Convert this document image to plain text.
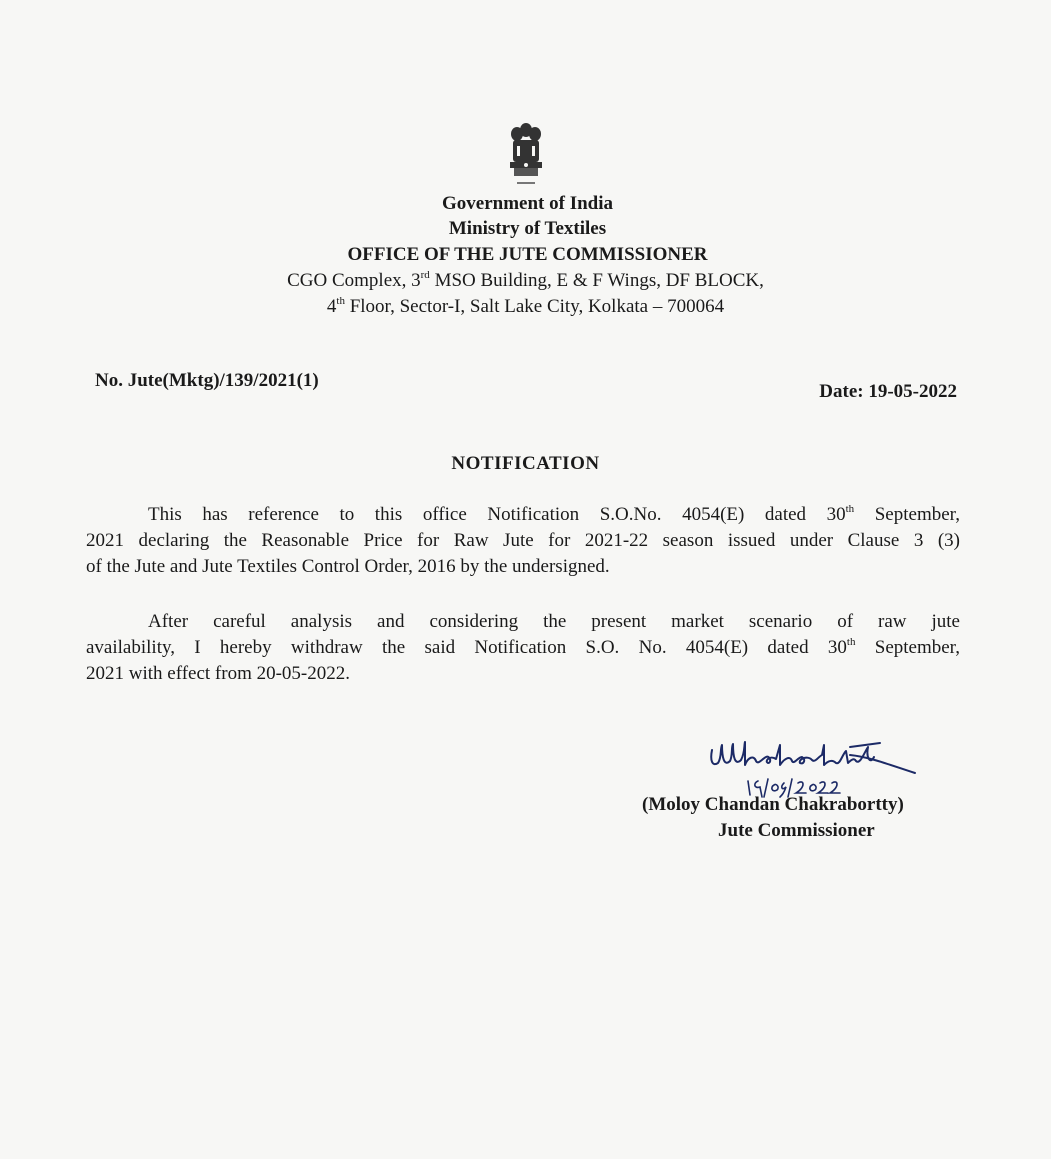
Government of India
Ministry of Textiles
OFFICE OF THE JUTE COMMISSIONER
CGO Complex, 3rd MSO Building, E & F Wings, DF BLOCK,
4th Floor, Sector-I, Salt Lake City, Kolkata – 700064
No. Jute(Mktg)/139/2021(1)
Date: 19-05-2022
NOTIFICATION
This has reference to this office Notification S.O.No. 4054(E) dated 30th September,
2021 declaring the Reasonable Price for Raw Jute for 2021-22 season issued under Clause 3 (3)
of the Jute and Jute Textiles Control Order, 2016 by the undersigned.
After careful analysis and considering the present market scenario of raw jute
availability, I hereby withdraw the said Notification S.O. No. 4054(E) dated 30th September,
2021 with effect from 20-05-2022.
(Moloy Chandan Chakrabortty)
Jute Commissioner
